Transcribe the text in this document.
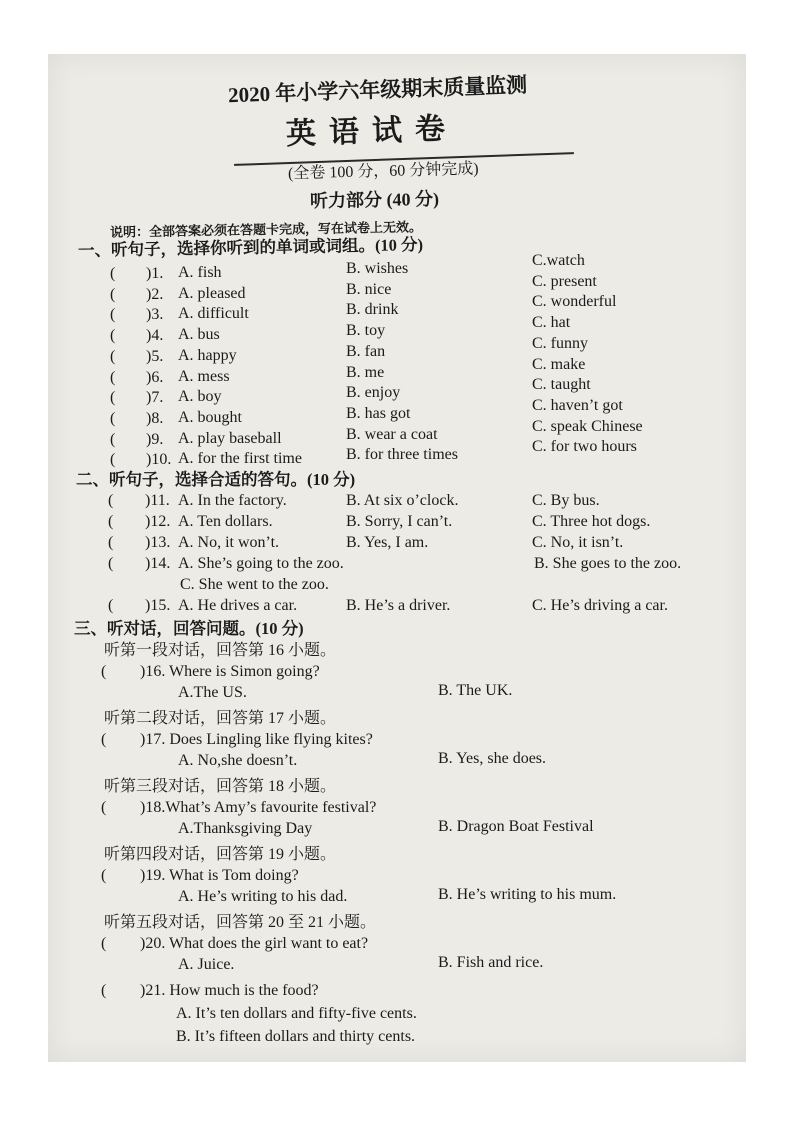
2020 年小学六年级期末质量监测
英语试卷
(全卷 100 分，60 分钟完成)
听力部分 (40 分)
说明：全部答案必须在答题卡完成，写在试卷上无效。
一、听句子，选择你听到的单词或词组。(10 分)
( )1. A. fish	B. wishes	C.watch
( )2. A. pleased	B. nice	C. present
( )3. A. difficult	B. drink	C. wonderful
( )4. A. bus	B. toy	C. hat
( )5. A. happy	B. fan	C. funny
( )6. A. mess	B. me	C. make
( )7. A. boy	B. enjoy	C. taught
( )8. A. bought	B. has got	C. haven’t got
( )9. A. play baseball	B. wear a coat	C. speak Chinese
( )10. A. for the first time	B. for three times	C. for two hours
二、听句子，选择合适的答句。(10 分)
( )11. A. In the factory.	B. At six o’clock.	C. By bus.
( )12. A. Ten dollars.	B. Sorry, I can’t.	C. Three hot dogs.
( )13. A. No, it won’t.	B. Yes, I am.	C. No, it isn’t.
( )14. A. She’s going to the zoo.	B. She goes to the zoo.
C. She went to the zoo.
( )15. A. He drives a car.	B. He’s a driver.	C. He’s driving a car.
三、听对话，回答问题。(10 分)
听第一段对话，回答第 16 小题。
( )16. Where is Simon going?
A.The US.	B. The UK.
听第二段对话，回答第 17 小题。
( )17. Does Lingling like flying kites?
A. No,she doesn’t.	B. Yes, she does.
听第三段对话，回答第 18 小题。
( )18.What’s Amy’s favourite festival?
A.Thanksgiving Day	B. Dragon Boat Festival
听第四段对话，回答第 19 小题。
( )19. What is Tom doing?
A. He’s writing to his dad.	B. He’s writing to his mum.
听第五段对话，回答第 20 至 21 小题。
( )20. What does the girl want to eat?
A. Juice.	B. Fish and rice.
( )21. How much is the food?
A. It’s ten dollars and fifty-five cents.
B. It’s fifteen dollars and thirty cents.
